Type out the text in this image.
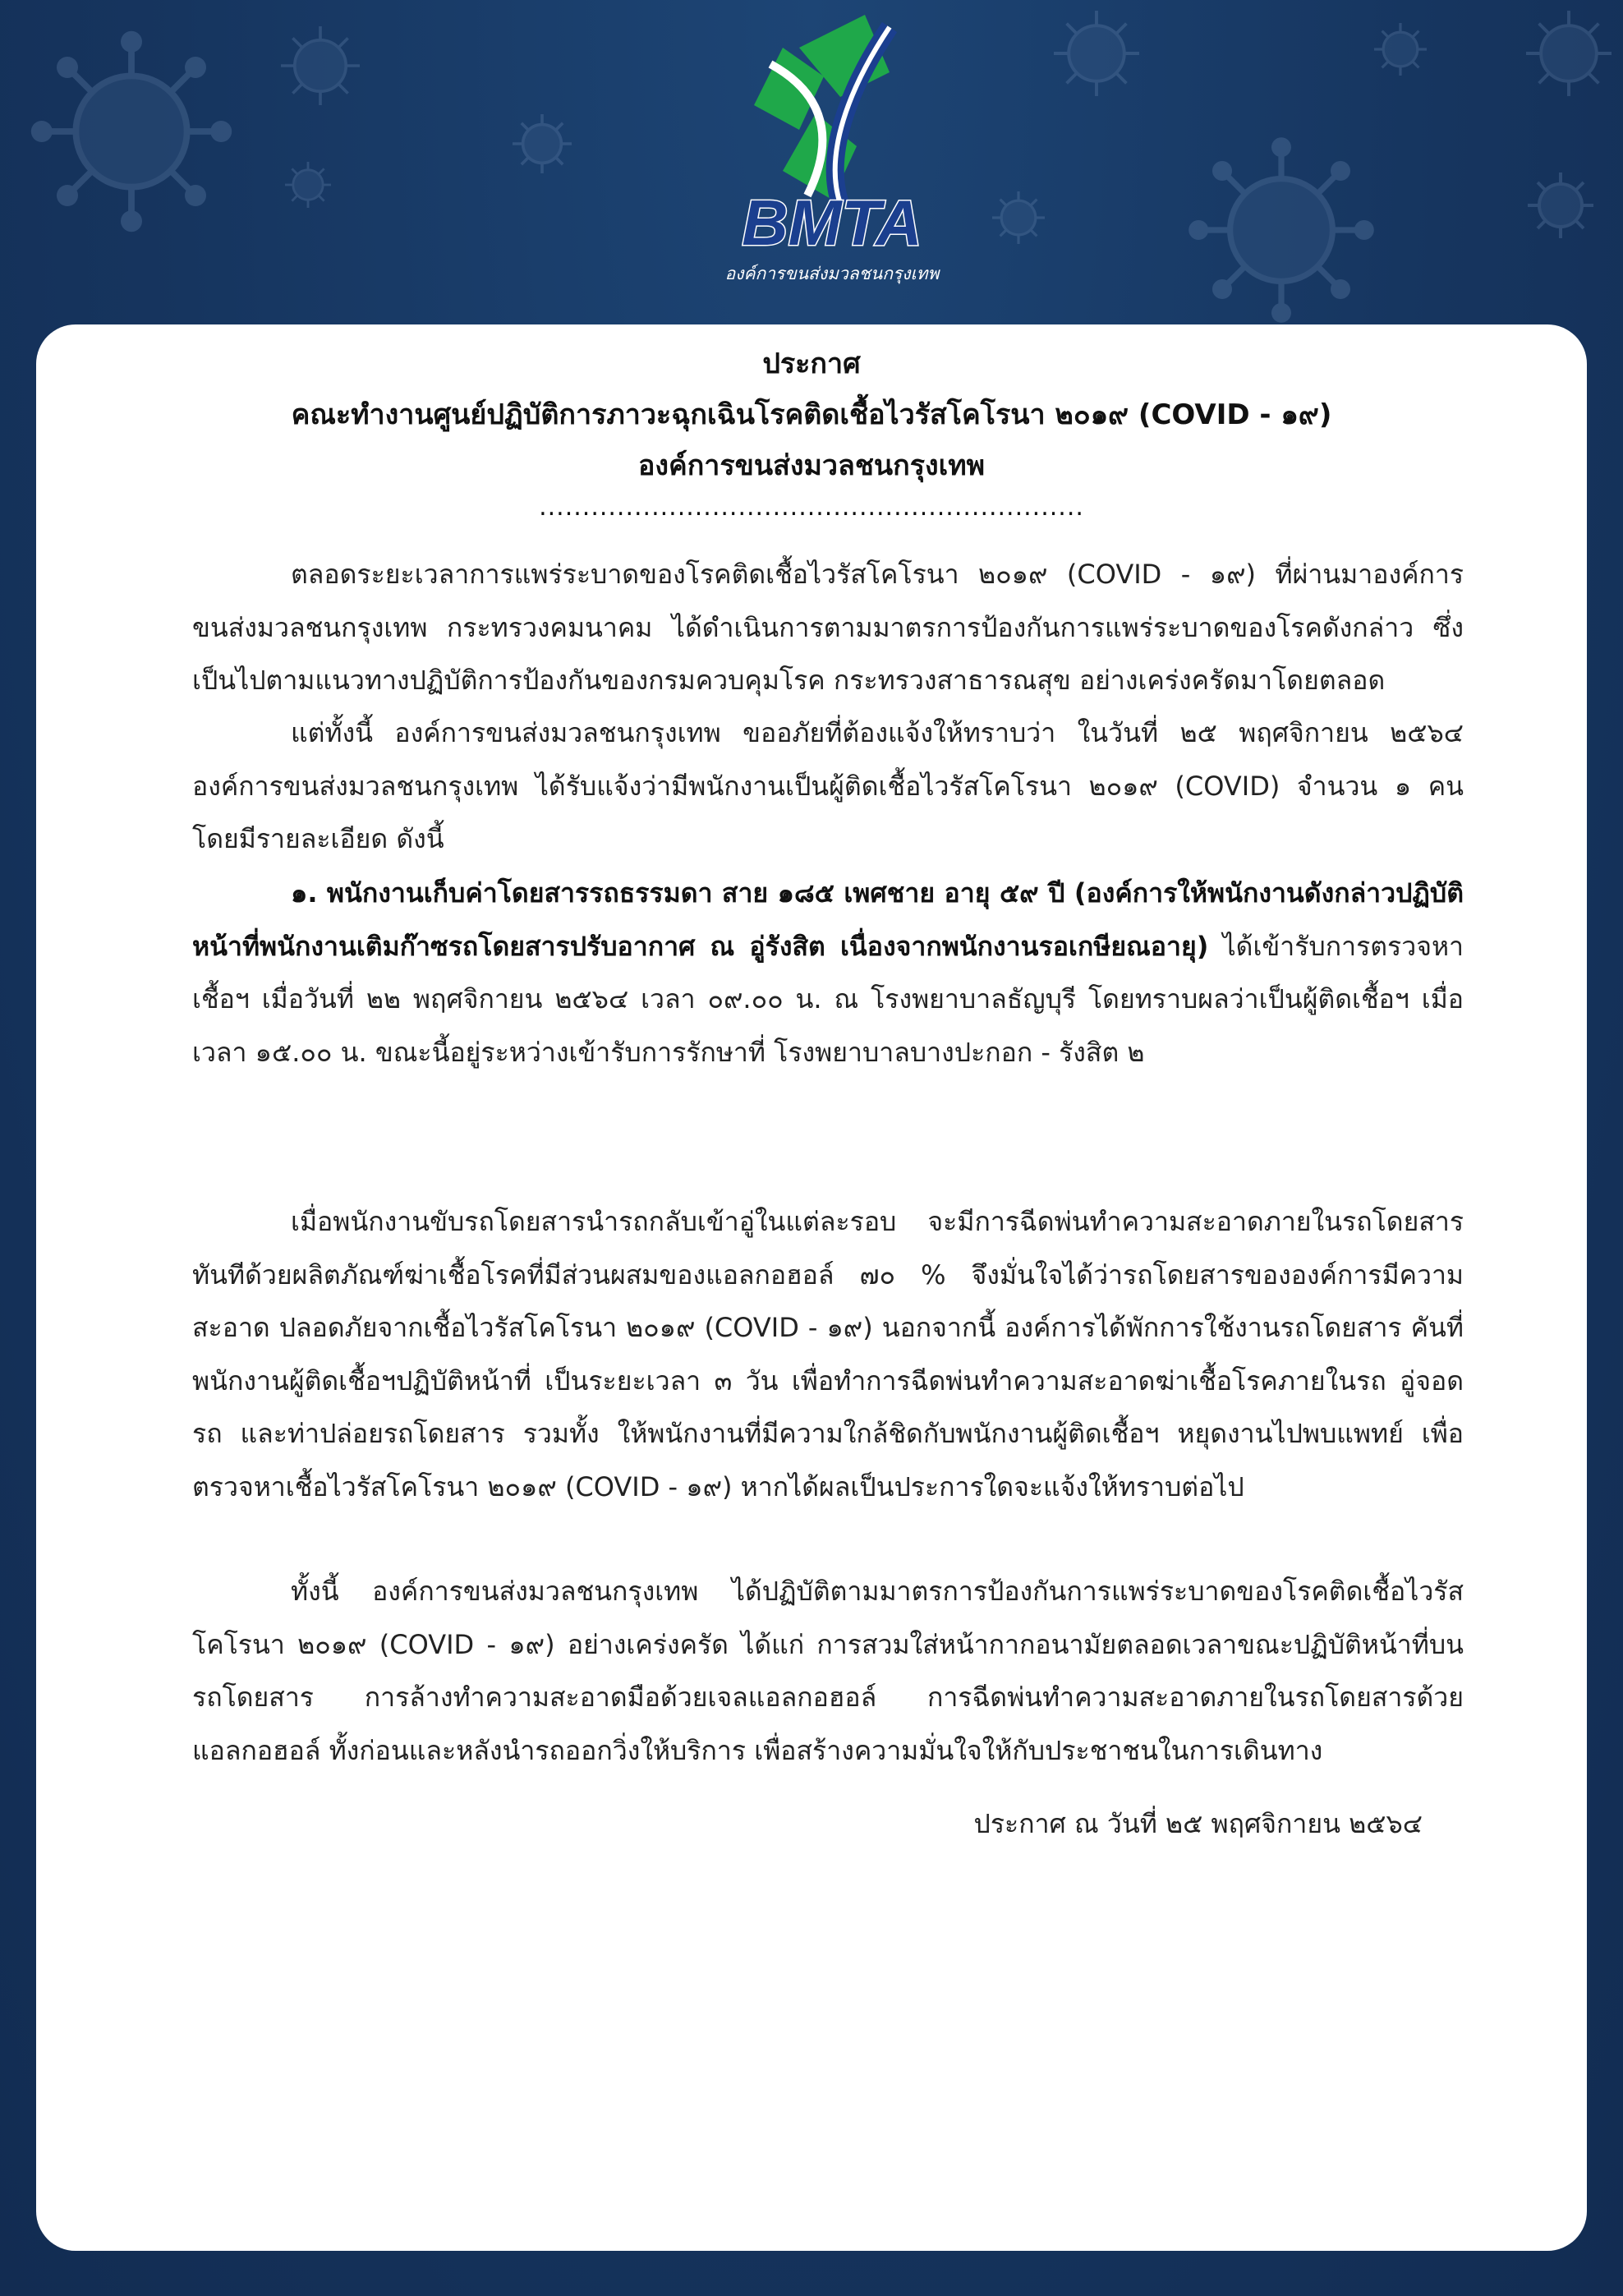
BMTA
องค์การขนส่งมวลชนกรุงเทพ
ประกาศ
คณะทำงานศูนย์ปฏิบัติการภาวะฉุกเฉินโรคติดเชื้อไวรัสโคโรนา ๒๐๑๙ (COVID - ๑๙)
องค์การขนส่งมวลชนกรุงเทพ
...............................................................

ตลอดระยะเวลาการแพร่ระบาดของโรคติดเชื้อไวรัสโคโรนา ๒๐๑๙ (COVID - ๑๙) ที่ผ่านมาองค์การขนส่งมวลชนกรุงเทพ กระทรวงคมนาคม ได้ดำเนินการตามมาตรการป้องกันการแพร่ระบาดของโรคดังกล่าว ซึ่งเป็นไปตามแนวทางปฏิบัติการป้องกันของกรมควบคุมโรค กระทรวงสาธารณสุข อย่างเคร่งครัดมาโดยตลอด

แต่ทั้งนี้ องค์การขนส่งมวลชนกรุงเทพ ขออภัยที่ต้องแจ้งให้ทราบว่า ในวันที่ ๒๕ พฤศจิกายน ๒๕๖๔ องค์การขนส่งมวลชนกรุงเทพ ได้รับแจ้งว่ามีพนักงานเป็นผู้ติดเชื้อไวรัสโคโรนา ๒๐๑๙ (COVID) จำนวน ๑ คน โดยมีรายละเอียด ดังนี้

๑. พนักงานเก็บค่าโดยสารรถธรรมดา สาย ๑๘๕ เพศชาย อายุ ๕๙ ปี (องค์การให้พนักงานดังกล่าวปฏิบัติหน้าที่พนักงานเติมก๊าซรถโดยสารปรับอากาศ ณ อู่รังสิต เนื่องจากพนักงานรอเกษียณอายุ) ได้เข้ารับการตรวจหาเชื้อฯ เมื่อวันที่ ๒๒ พฤศจิกายน ๒๕๖๔ เวลา ๐๙.๐๐ น. ณ โรงพยาบาลธัญบุรี โดยทราบผลว่าเป็นผู้ติดเชื้อฯ เมื่อเวลา ๑๕.๐๐ น. ขณะนี้อยู่ระหว่างเข้ารับการรักษาที่ โรงพยาบาลบางปะกอก - รังสิต ๒

เมื่อพนักงานขับรถโดยสารนำรถกลับเข้าอู่ในแต่ละรอบ จะมีการฉีดพ่นทำความสะอาดภายในรถโดยสารทันทีด้วยผลิตภัณฑ์ฆ่าเชื้อโรคที่มีส่วนผสมของแอลกอฮอล์ ๗๐ % จึงมั่นใจได้ว่ารถโดยสารขององค์การมีความสะอาด ปลอดภัยจากเชื้อไวรัสโคโรนา ๒๐๑๙ (COVID - ๑๙) นอกจากนี้ องค์การได้พักการใช้งานรถโดยสาร คันที่พนักงานผู้ติดเชื้อฯปฏิบัติหน้าที่ เป็นระยะเวลา ๓ วัน เพื่อทำการฉีดพ่นทำความสะอาดฆ่าเชื้อโรคภายในรถ อู่จอดรถ และท่าปล่อยรถโดยสาร รวมทั้ง ให้พนักงานที่มีความใกล้ชิดกับพนักงานผู้ติดเชื้อฯ หยุดงานไปพบแพทย์ เพื่อตรวจหาเชื้อไวรัสโคโรนา ๒๐๑๙ (COVID - ๑๙) หากได้ผลเป็นประการใดจะแจ้งให้ทราบต่อไป

ทั้งนี้ องค์การขนส่งมวลชนกรุงเทพ ได้ปฏิบัติตามมาตรการป้องกันการแพร่ระบาดของโรคติดเชื้อไวรัสโคโรนา ๒๐๑๙ (COVID - ๑๙) อย่างเคร่งครัด ได้แก่ การสวมใส่หน้ากากอนามัยตลอดเวลาขณะปฏิบัติหน้าที่บนรถโดยสาร การล้างทำความสะอาดมือด้วยเจลแอลกอฮอล์ การฉีดพ่นทำความสะอาดภายในรถโดยสารด้วยแอลกอฮอล์ ทั้งก่อนและหลังนำรถออกวิ่งให้บริการ เพื่อสร้างความมั่นใจให้กับประชาชนในการเดินทาง

ประกาศ ณ วันที่ ๒๕ พฤศจิกายน ๒๕๖๔
